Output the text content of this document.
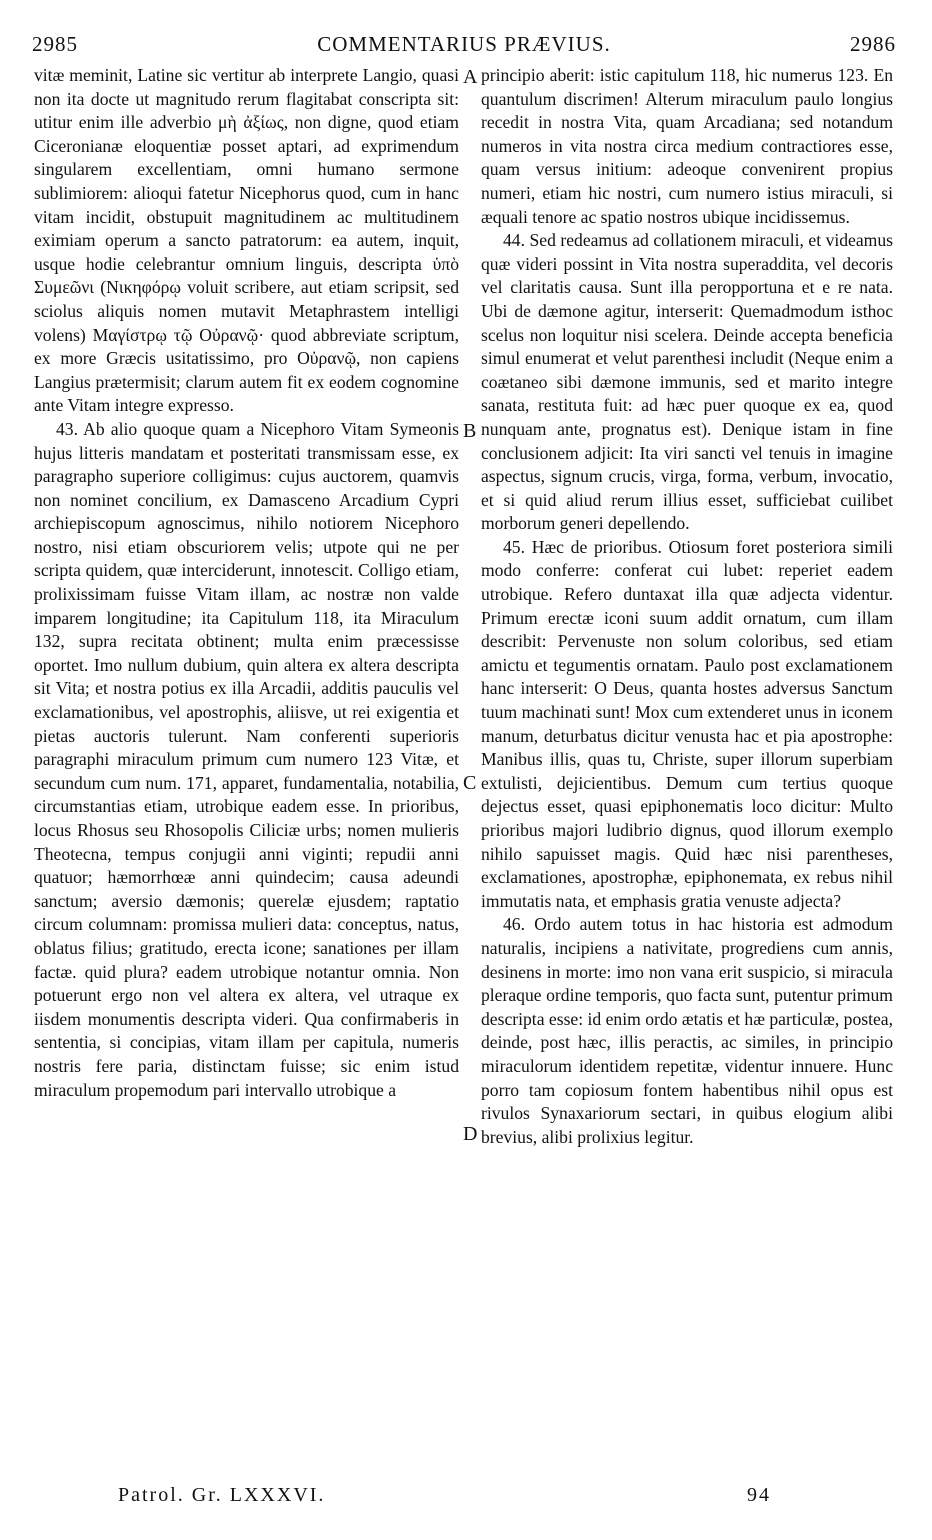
2985	COMMENTARIUS PRÆVIUS.	2986

vitæ meminit, Latine sic vertitur ab interprete Langio, quasi non ita docte ut magnitudo rerum flagitabat conscripta sit: utitur enim ille adverbio μὴ ἀξίως, non digne, quod etiam Ciceronianæ eloquentiæ posset aptari, ad exprimendum singularem excellentiam, omni humano sermone sublimiorem: alioqui fatetur Nicephorus quod, cum in hanc vitam incidit, obstupuit magnitudinem ac multitudinem eximiam operum a sancto patratorum: ea autem, inquit, usque hodie celebrantur omnium linguis, descripta ὑπὸ Συμεῶνι (Νικηφόρῳ voluit scribere, aut etiam scripsit, sed sciolus aliquis nomen mutavit Metaphrastem intelligi volens) Μαγίστρῳ τῷ Οὐρανῷ· quod abbreviate scriptum, ex more Græcis usitatissimo, pro Οὐρανῷ, non capiens Langius prætermisit; clarum autem fit ex eodem cognomine ante Vitam integre expresso.

43. Ab alio quoque quam a Nicephoro Vitam Symeonis hujus litteris mandatam et posteritati transmissam esse, ex paragrapho superiore colligimus: cujus auctorem, quamvis non nominet concilium, ex Damasceno Arcadium Cypri archiepiscopum agnoscimus, nihilo notiorem Nicephoro nostro, nisi etiam obscuriorem velis; utpote qui ne per scripta quidem, quæ interciderunt, innotescit. Colligo etiam, prolixissimam fuisse Vitam illam, ac nostræ non valde imparem longitudine; ita Capitulum 118, ita Miraculum 132, supra recitata obtinent; multa enim præcessisse oportet. Imo nullum dubium, quin altera ex altera descripta sit Vita; et nostra potius ex illa Arcadii, additis pauculis vel exclamationibus, vel apostrophis, aliisve, ut rei exigentia et pietas auctoris tulerunt. Nam conferenti superioris paragraphi miraculum primum cum numero 123 Vitæ, et secundum cum num. 171, apparet, fundamentalia, notabilia, circumstantias etiam, utrobique eadem esse. In prioribus, locus Rhosus seu Rhosopolis Ciliciæ urbs; nomen mulieris Theotecna, tempus conjugii anni viginti; repudii anni quatuor; hæmorrhœæ anni quindecim; causa adeundi sanctum; aversio dæmonis; querelæ ejusdem; raptatio circum columnam: promissa mulieri data: conceptus, natus, oblatus filius; gratitudo, erecta icone; sanationes per illam factæ. quid plura? eadem utrobique notantur omnia. Non potuerunt ergo non vel altera ex altera, vel utraque ex iisdem monumentis descripta videri. Qua confirmaberis in sententia, si concipias, vitam illam per capitula, numeris nostris fere paria, distinctam fuisse; sic enim istud miraculum propemodum pari intervallo utrobique a

principio aberit: istic capitulum 118, hic numerus 123. En quantulum discrimen! Alterum miraculum paulo longius recedit in nostra Vita, quam Arcadiana; sed notandum numeros in vita nostra circa medium contractiores esse, quam versus initium: adeoque convenirent propius numeri, etiam hic nostri, cum numero istius miraculi, si æquali tenore ac spatio nostros ubique incidissemus.

44. Sed redeamus ad collationem miraculi, et videamus quæ videri possint in Vita nostra superaddita, vel decoris vel claritatis causa. Sunt illa peropportuna et e re nata. Ubi de dæmone agitur, interserit: Quemadmodum isthoc scelus non loquitur nisi scelera. Deinde accepta beneficia simul enumerat et velut parenthesi includit (Neque enim a coætaneo sibi dæmone immunis, sed et marito integre sanata, restituta fuit: ad hæc puer quoque ex ea, quod nunquam ante, prognatus est). Denique istam in fine conclusionem adjicit: Ita viri sancti vel tenuis in imagine aspectus, signum crucis, virga, forma, verbum, invocatio, et si quid aliud rerum illius esset, sufficiebat cuilibet morborum generi depellendo.

45. Hæc de prioribus. Otiosum foret posteriora simili modo conferre: conferat cui lubet: reperiet eadem utrobique. Refero duntaxat illa quæ adjecta videntur. Primum erectæ iconi suum addit ornatum, cum illam describit: Pervenuste non solum coloribus, sed etiam amictu et tegumentis ornatam. Paulo post exclamationem hanc interserit: O Deus, quanta hostes adversus Sanctum tuum machinati sunt! Mox cum extenderet unus in iconem manum, deturbatus dicitur venusta hac et pia apostrophe: Manibus illis, quas tu, Christe, super illorum superbiam extulisti, dejicientibus. Demum cum tertius quoque dejectus esset, quasi epiphonematis loco dicitur: Multo prioribus majori ludibrio dignus, quod illorum exemplo nihilo sapuisset magis. Quid hæc nisi parentheses, exclamationes, apostrophæ, epiphonemata, ex rebus nihil immutatis nata, et emphasis gratia venuste adjecta?

46. Ordo autem totus in hac historia est admodum naturalis, incipiens a nativitate, progrediens cum annis, desinens in morte: imo non vana erit suspicio, si miracula pleraque ordine temporis, quo facta sunt, putentur primum descripta esse: id enim ordo ætatis et hæ particulæ, postea, deinde, post hæc, illis peractis, ac similes, in principio miraculorum identidem repetitæ, videntur innuere. Hunc porro tam copiosum fontem habentibus nihil opus est rivulos Synaxariorum sectari, in quibus elogium alibi brevius, alibi prolixius legitur.

A
B
C
D
Patrol. Gr. LXXXVI.	94
